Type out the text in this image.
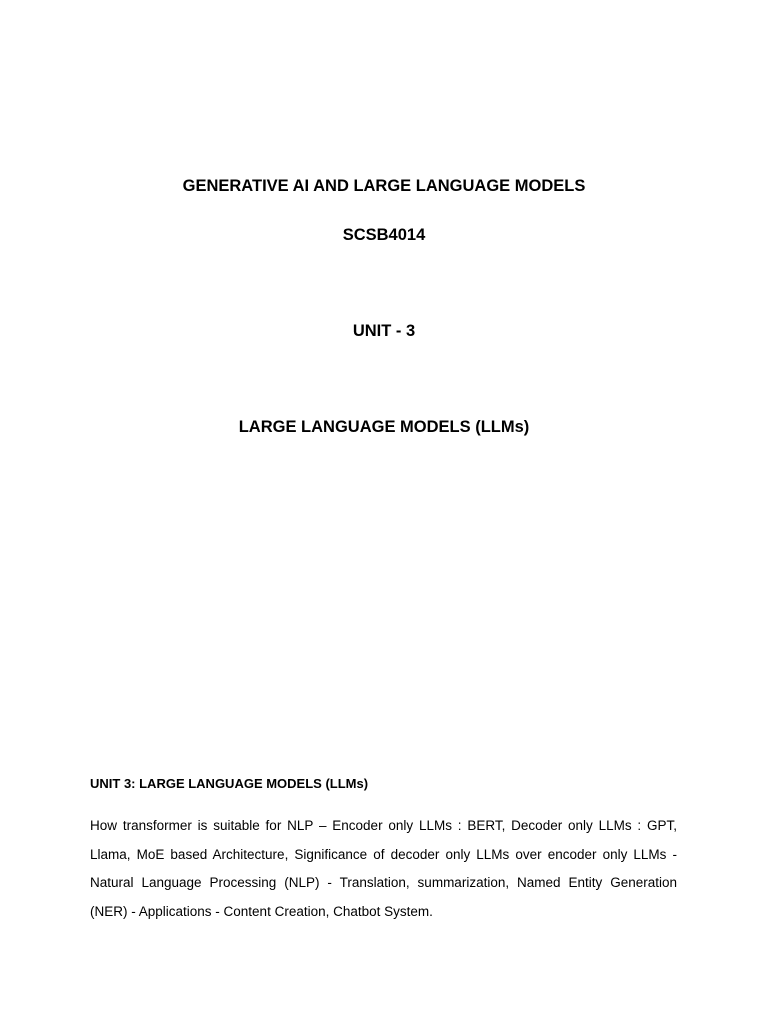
GENERATIVE AI AND LARGE LANGUAGE MODELS
SCSB4014
UNIT - 3
LARGE LANGUAGE MODELS (LLMs)
UNIT 3: LARGE LANGUAGE MODELS (LLMs)
How transformer is suitable for NLP – Encoder only LLMs : BERT, Decoder only LLMs : GPT, Llama, MoE based Architecture, Significance of decoder only LLMs over encoder only LLMs - Natural Language Processing (NLP) - Translation, summarization, Named Entity Generation (NER) - Applications - Content Creation, Chatbot System.
